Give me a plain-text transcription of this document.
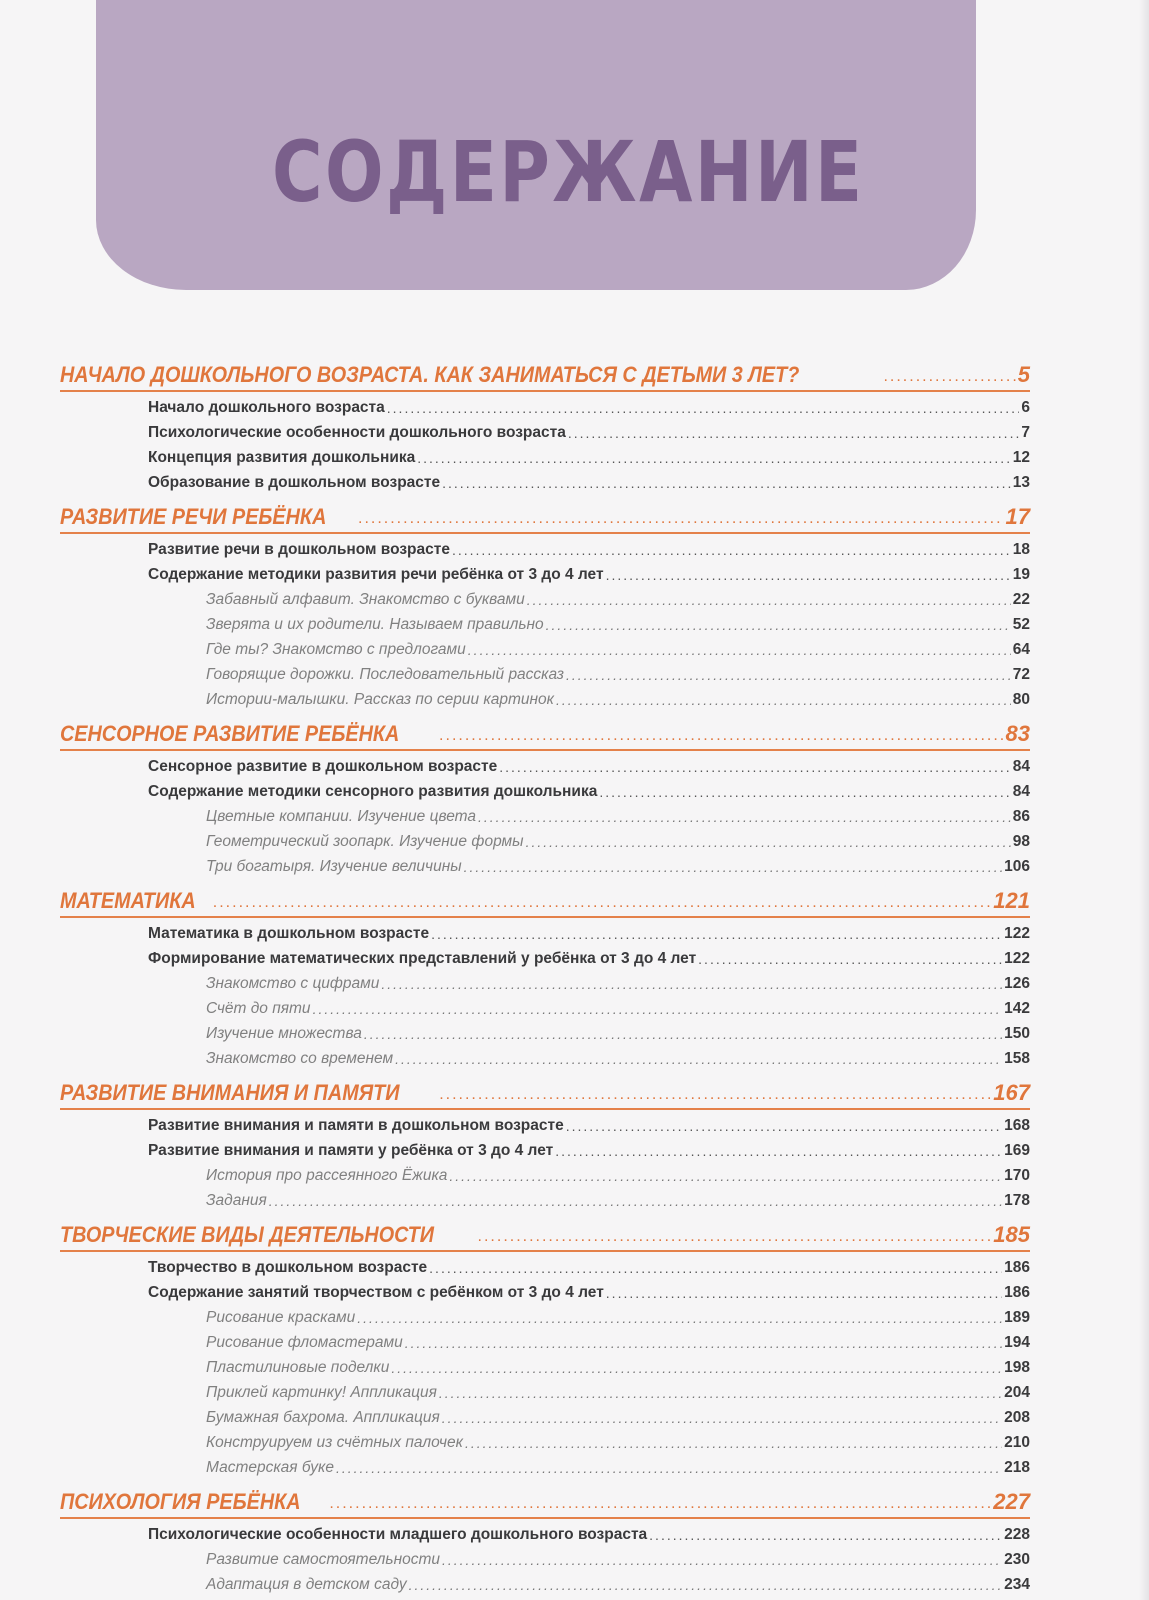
СОДЕРЖАНИЕ
НАЧАЛО ДОШКОЛЬНОГО ВОЗРАСТА. КАК ЗАНИМАТЬСЯ С ДЕТЬМИ 3 ЛЕТ? .....	5
Начало дошкольного возраста .....	6
Психологические особенности дошкольного возраста .....	7
Концепция развития дошкольника .....	12
Образование в дошкольном возрасте .....	13
РАЗВИТИЕ РЕЧИ РЕБЁНКА .....	17
Развитие речи в дошкольном возрасте .....	18
Содержание методики развития речи ребёнка от 3 до 4 лет .....	19
Забавный алфавит. Знакомство с буквами .....	22
Зверята и их родители. Называем правильно .....	52
Где ты? Знакомство с предлогами .....	64
Говорящие дорожки. Последовательный рассказ .....	72
Истории-малышки. Рассказ по серии картинок .....	80
СЕНСОРНОЕ РАЗВИТИЕ РЕБЁНКА .....	83
Сенсорное развитие в дошкольном возрасте .....	84
Содержание методики сенсорного развития дошкольника .....	84
Цветные компании. Изучение цвета .....	86
Геометрический зоопарк. Изучение формы .....	98
Три богатыря. Изучение величины .....	106
МАТЕМАТИКА .....	121
Математика в дошкольном возрасте .....	122
Формирование математических представлений у ребёнка от 3 до 4 лет .....	122
Знакомство с цифрами .....	126
Счёт до пяти .....	142
Изучение множества .....	150
Знакомство со временем .....	158
РАЗВИТИЕ ВНИМАНИЯ И ПАМЯТИ .....	167
Развитие внимания и памяти в дошкольном возрасте .....	168
Развитие внимания и памяти у ребёнка от 3 до 4 лет .....	169
История про рассеянного Ёжика .....	170
Задания .....	178
ТВОРЧЕСКИЕ ВИДЫ ДЕЯТЕЛЬНОСТИ .....	185
Творчество в дошкольном возрасте .....	186
Содержание занятий творчеством с ребёнком от 3 до 4 лет .....	186
Рисование красками .....	189
Рисование фломастерами .....	194
Пластилиновые поделки .....	198
Приклей картинку! Аппликация .....	204
Бумажная бахрома. Аппликация .....	208
Конструируем из счётных палочек .....	210
Мастерская буке .....	218
ПСИХОЛОГИЯ РЕБЁНКА .....	227
Психологические особенности младшего дошкольного возраста .....	228
Развитие самостоятельности .....	230
Адаптация в детском саду .....	234
